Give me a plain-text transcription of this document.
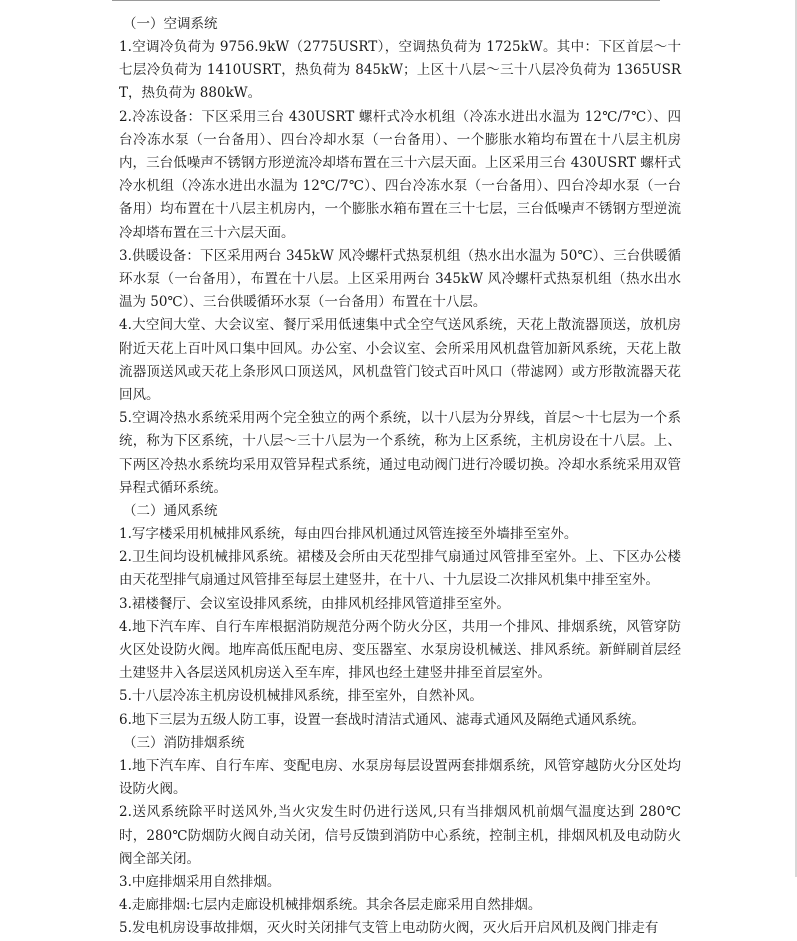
（一）空调系统
1.空调冷负荷为 9756.9kW（2775USRT），空调热负荷为 1725kW。其中：下区首层～十七层冷负荷为 1410USRT，热负荷为 845kW；上区十八层～三十八层冷负荷为 1365USRT，热负荷为 880kW。
2.冷冻设备：下区采用三台 430USRT 螺杆式冷水机组（冷冻水进出水温为 12℃/7℃）、四台冷冻水泵（一台备用）、四台冷却水泵（一台备用）、一个膨胀水箱均布置在十八层主机房内，三台低噪声不锈钢方形逆流冷却塔布置在三十六层天面。上区采用三台 430USRT 螺杆式冷水机组（冷冻水进出水温为 12℃/7℃）、四台冷冻水泵（一台备用）、四台冷却水泵（一台备用）均布置在十八层主机房内，一个膨胀水箱布置在三十七层，三台低噪声不锈钢方型逆流冷却塔布置在三十六层天面。
3.供暖设备：下区采用两台 345kW 风冷螺杆式热泵机组（热水出水温为 50℃）、三台供暖循环水泵（一台备用），布置在十八层。上区采用两台 345kW 风冷螺杆式热泵机组（热水出水温为 50℃）、三台供暖循环水泵（一台备用）布置在十八层。
4.大空间大堂、大会议室、餐厅采用低速集中式全空气送风系统，天花上散流器顶送，放机房附近天花上百叶风口集中回风。办公室、小会议室、会所采用风机盘管加新风系统，天花上散流器顶送风或天花上条形风口顶送风，风机盘管门铰式百叶风口（带滤网）或方形散流器天花回风。
5.空调冷热水系统采用两个完全独立的两个系统，以十八层为分界线，首层～十七层为一个系统，称为下区系统，十八层～三十八层为一个系统，称为上区系统，主机房设在十八层。上、下两区冷热水系统均采用双管异程式系统，通过电动阀门进行冷暖切换。冷却水系统采用双管异程式循环系统。
（二）通风系统
1.写字楼采用机械排风系统，每由四台排风机通过风管连接至外墙排至室外。
2.卫生间均设机械排风系统。裙楼及会所由天花型排气扇通过风管排至室外。上、下区办公楼由天花型排气扇通过风管排至每层土建竖井，在十八、十九层设二次排风机集中排至室外。
3.裙楼餐厅、会议室设排风系统，由排风机经排风管道排至室外。
4.地下汽车库、自行车库根据消防规范分两个防火分区，共用一个排风、排烟系统，风管穿防火区处设防火阀。地库高低压配电房、变压器室、水泵房设机械送、排风系统。新鲜刷首层经土建竖井入各层送风机房送入至车库，排风也经土建竖井排至首层室外。
5.十八层冷冻主机房设机械排风系统，排至室外，自然补风。
6.地下三层为五级人防工事，设置一套战时清洁式通风、滤毒式通风及隔绝式通风系统。
（三）消防排烟系统
1.地下汽车库、自行车库、变配电房、水泵房每层设置两套排烟系统，风管穿越防火分区处均设防火阀。
2.送风系统除平时送风外,当火灾发生时仍进行送风,只有当排烟风机前烟气温度达到 280℃时，280℃防烟防火阀自动关闭，信号反馈到消防中心系统，控制主机，排烟风机及电动防火阀全部关闭。
3.中庭排烟采用自然排烟。
4.走廊排烟:七层内走廊设机械排烟系统。其余各层走廊采用自然排烟。
5.发电机房设事故排烟，灭火时关闭排气支管上电动防火阀，灭火后开启风机及阀门排走有
